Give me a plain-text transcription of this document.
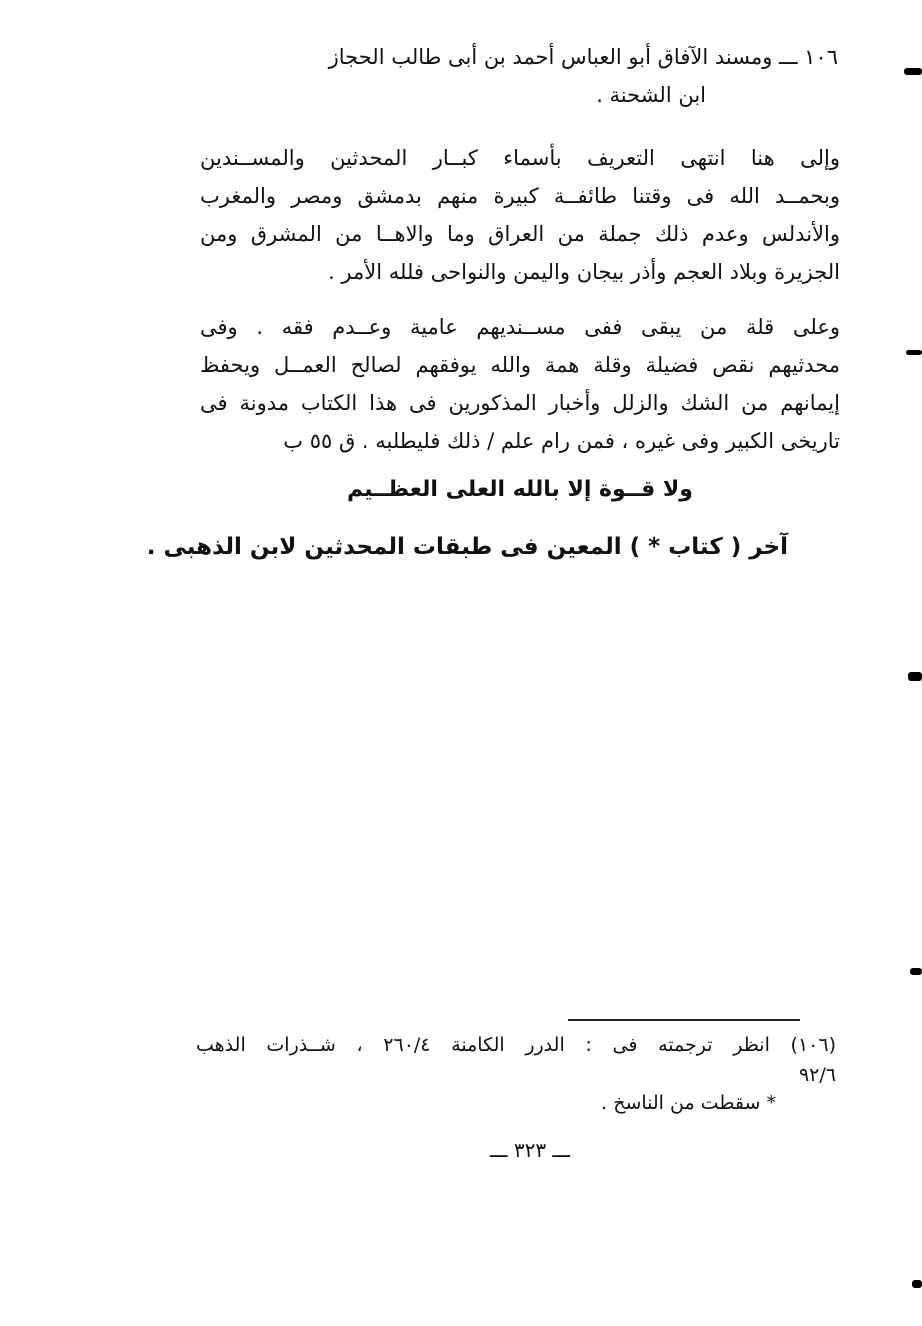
١٠٦ ـــ ومسند الآفاق أبو العباس أحمد بن أبى طالب الحجاز
ابن الشحنة .
وإلى هنا انتهى التعريف بأسماء كبــار المحدثين والمســندين
وبحمــد الله فى وقتنا طائفــة كبيرة منهم بدمشق ومصر والمغرب
والأندلس وعدم ذلك جملة من العراق وما والاهــا من المشرق ومن
الجزيرة وبلاد العجم وأذر بيجان واليمن والنواحى فلله الأمر .
وعلى قلة من يبقى ففى مســنديهم عامية وعــدم فقه . وفى
محدثيهم نقص فضيلة وقلة همة والله يوفقهم لصالح العمــل ويحفظ
إيمانهم من الشك والزلل وأخبار المذكورين فى هذا الكتاب مدونة فى
تاريخى الكبير وفى غيره ، فمن رام علم / ذلك فليطلبه . ق ٥٥ ب
ولا قــوة إلا بالله العلى العظــيم
آخر ( كتاب * ) المعين فى طبقات المحدثين لابن الذهبى .
(١٠٦) انظر ترجمته فى : الدرر الكامنة ٢٦٠/٤ ، شــذرات الذهب
٩٢/٦
* سقطت من الناسخ .
ـــ ٣٢٣ ـــ
